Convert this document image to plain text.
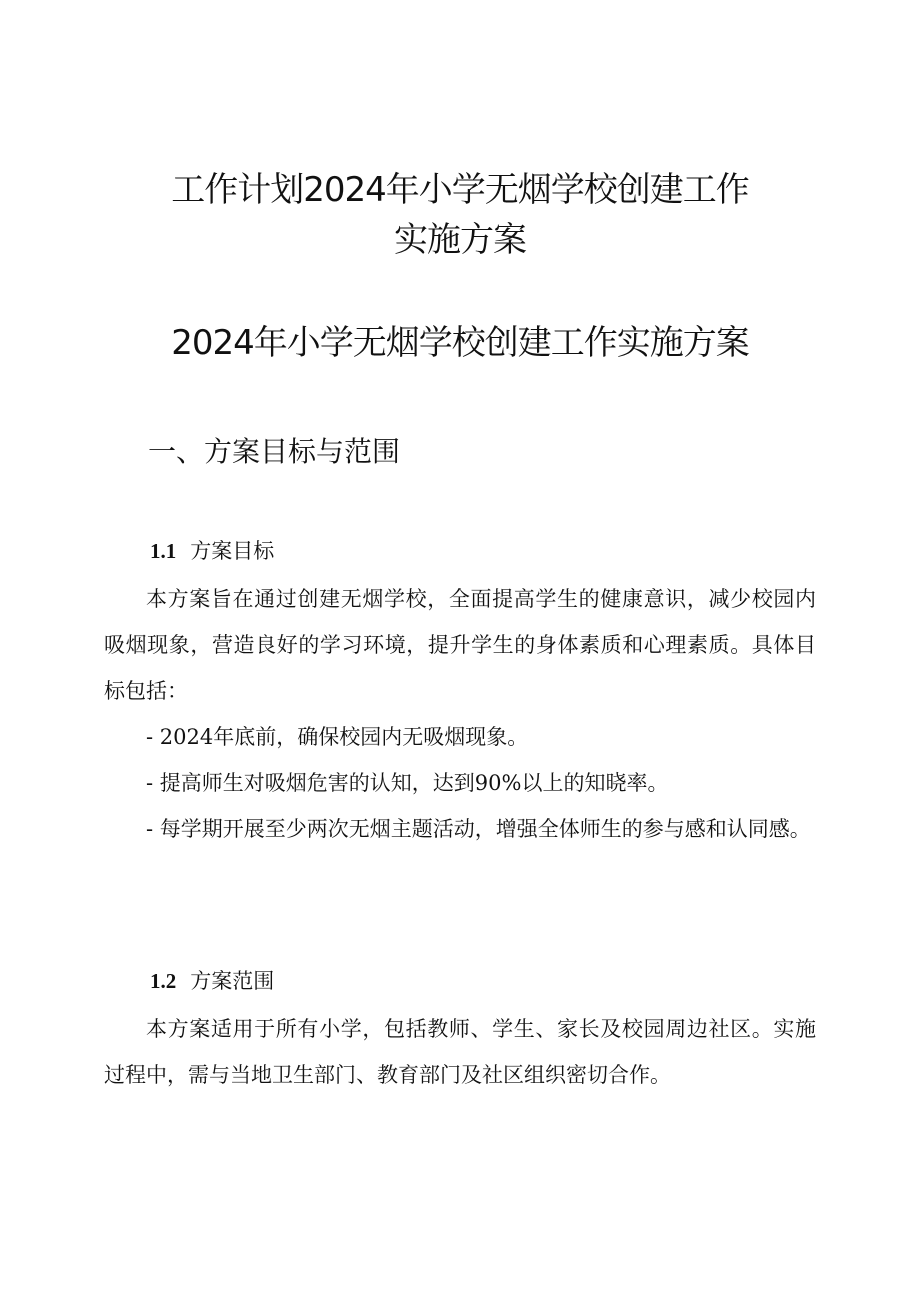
工作计划2024年小学无烟学校创建工作
实施方案
2024年小学无烟学校创建工作实施方案
一、方案目标与范围
1.1 方案目标

本方案旨在通过创建无烟学校，全面提高学生的健康意识，减少校园内吸烟现象，营造良好的学习环境，提升学生的身体素质和心理素质。具体目标包括：

- 2024年底前，确保校园内无吸烟现象。

- 提高师生对吸烟危害的认知，达到90%以上的知晓率。

- 每学期开展至少两次无烟主题活动，增强全体师生的参与感和认同感。

1.2 方案范围

本方案适用于所有小学，包括教师、学生、家长及校园周边社区。实施过程中，需与当地卫生部门、教育部门及社区组织密切合作。
